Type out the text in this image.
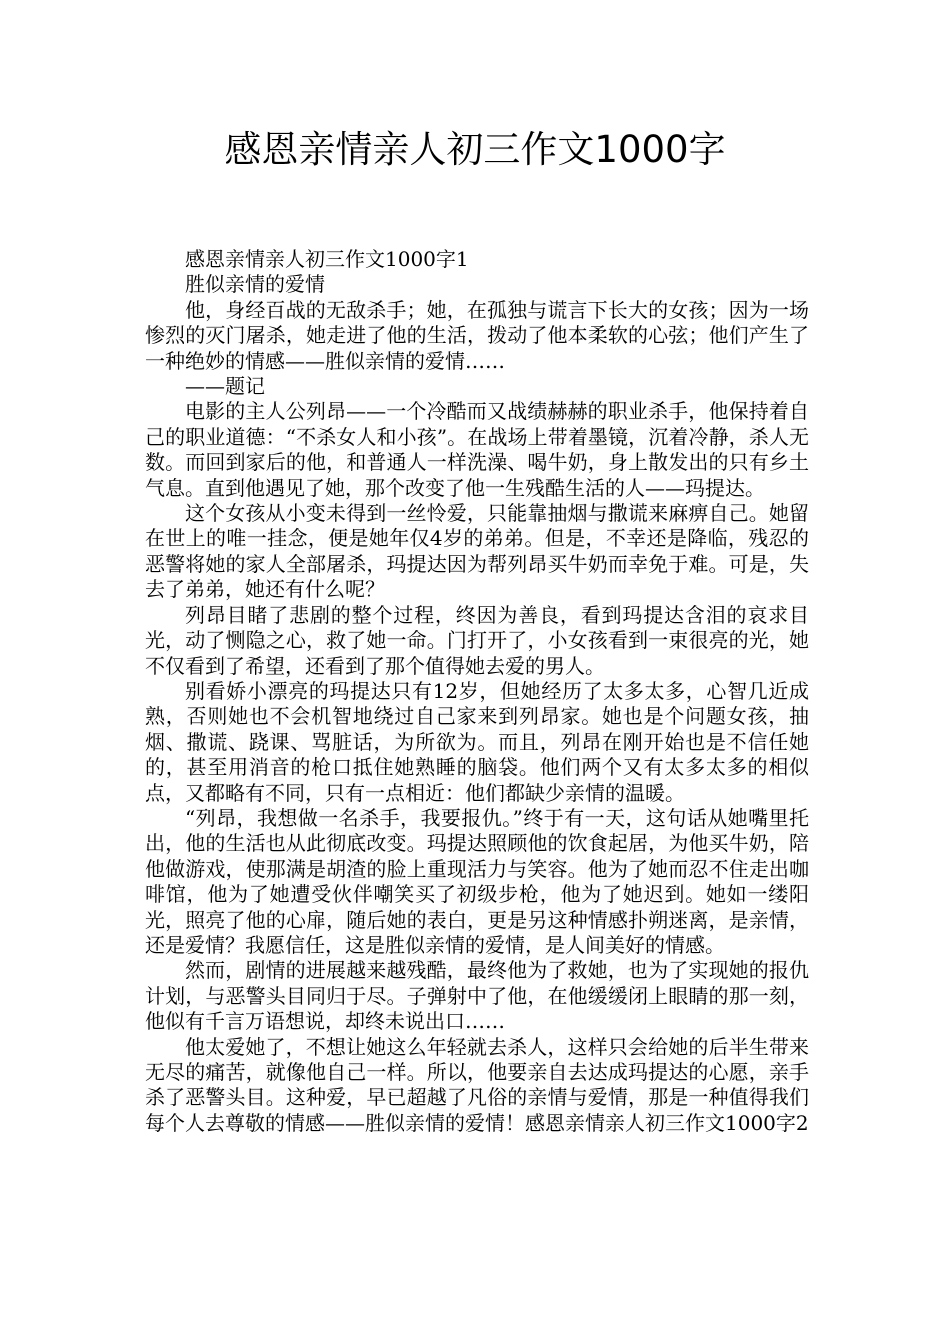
感恩亲情亲人初三作文1000字

感恩亲情亲人初三作文1000字1

胜似亲情的爱情

他，身经百战的无敌杀手；她，在孤独与谎言下长大的女孩；因为一场惨烈的灭门屠杀，她走进了他的生活，拨动了他本柔软的心弦；他们产生了一种绝妙的情感——胜似亲情的爱情……

——题记

电影的主人公列昂——一个冷酷而又战绩赫赫的职业杀手，他保持着自己的职业道德：“不杀女人和小孩”。在战场上带着墨镜，沉着冷静，杀人无数。而回到家后的他，和普通人一样洗澡、喝牛奶，身上散发出的只有乡土气息。直到他遇见了她，那个改变了他一生残酷生活的人——玛提达。

这个女孩从小变未得到一丝怜爱，只能靠抽烟与撒谎来麻痹自己。她留在世上的唯一挂念，便是她年仅4岁的弟弟。但是，不幸还是降临，残忍的恶警将她的家人全部屠杀，玛提达因为帮列昂买牛奶而幸免于难。可是，失去了弟弟，她还有什么呢？

列昂目睹了悲剧的整个过程，终因为善良，看到玛提达含泪的哀求目光，动了恻隐之心，救了她一命。门打开了，小女孩看到一束很亮的光，她不仅看到了希望，还看到了那个值得她去爱的男人。

别看娇小漂亮的玛提达只有12岁，但她经历了太多太多，心智几近成熟，否则她也不会机智地绕过自己家来到列昂家。她也是个问题女孩，抽烟、撒谎、跷课、骂脏话，为所欲为。而且，列昂在刚开始也是不信任她的，甚至用消音的枪口抵住她熟睡的脑袋。他们两个又有太多太多的相似点，又都略有不同，只有一点相近：他们都缺少亲情的温暖。

“列昂，我想做一名杀手，我要报仇。”终于有一天，这句话从她嘴里托出，他的生活也从此彻底改变。玛提达照顾他的饮食起居，为他买牛奶，陪他做游戏，使那满是胡渣的脸上重现活力与笑容。他为了她而忍不住走出咖啡馆，他为了她遭受伙伴嘲笑买了初级步枪，他为了她迟到。她如一缕阳光，照亮了他的心扉，随后她的表白，更是另这种情感扑朔迷离，是亲情，还是爱情？我愿信任，这是胜似亲情的爱情，是人间美好的情感。

然而，剧情的进展越来越残酷，最终他为了救她，也为了实现她的报仇计划，与恶警头目同归于尽。子弹射中了他，在他缓缓闭上眼睛的那一刻，他似有千言万语想说，却终未说出口……

他太爱她了，不想让她这么年轻就去杀人，这样只会给她的后半生带来无尽的痛苦，就像他自己一样。所以，他要亲自去达成玛提达的心愿，亲手杀了恶警头目。这种爱，早已超越了凡俗的亲情与爱情，那是一种值得我们每个人去尊敬的情感——胜似亲情的爱情！感恩亲情亲人初三作文1000字2
